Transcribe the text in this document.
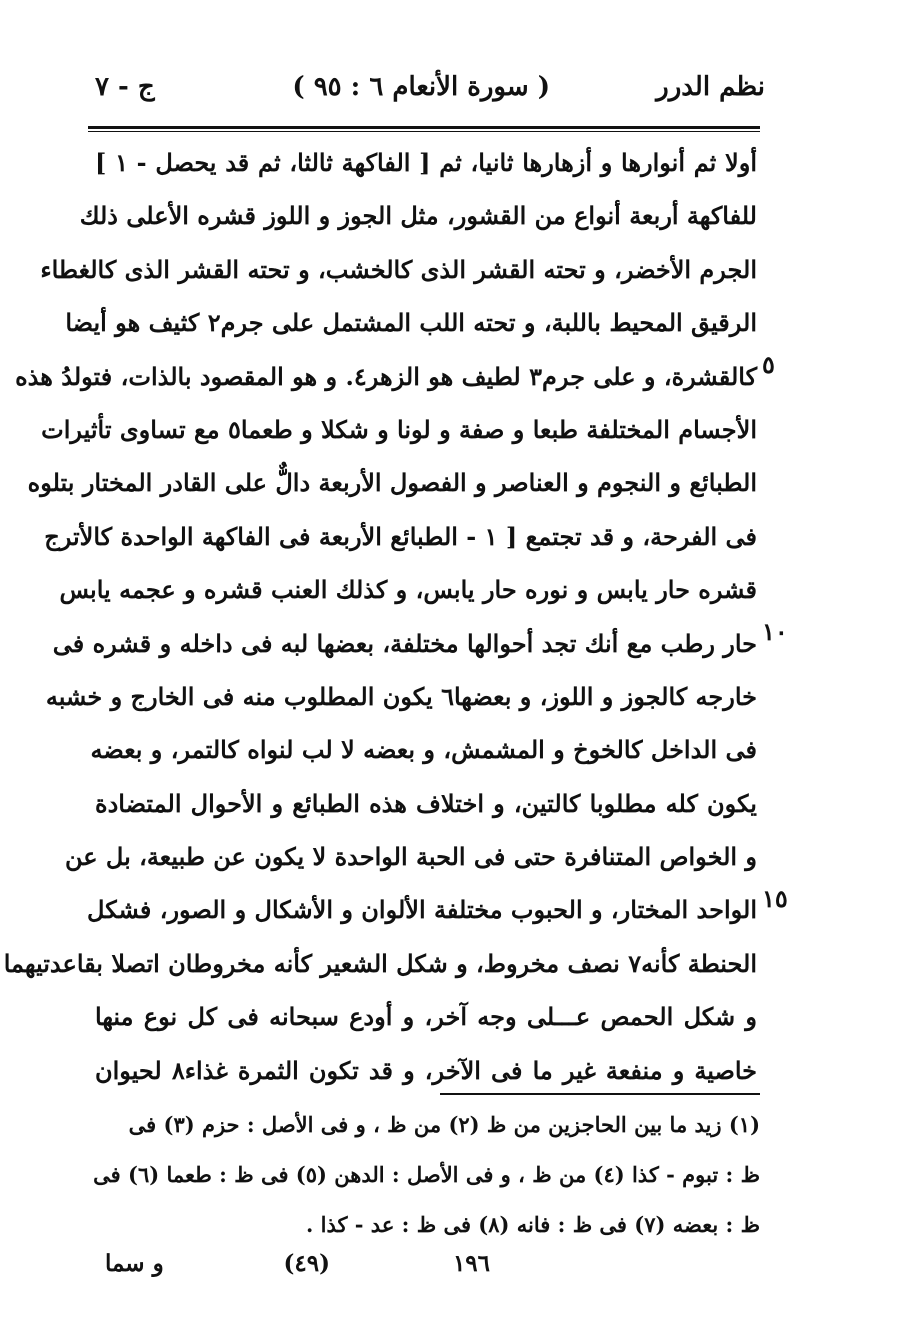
نظم الدرر
( سورة الأنعام ٦ : ٩٥ )
ج - ٧
أولا ثم أنوارها و أزهارها ثانيا، ثم [ الفاكهة ثالثا، ثم قد يحصل - ١ ]
للفاكهة أربعة أنواع من القشور، مثل الجوز و اللوز قشره الأعلى ذلك
الجرم الأخضر، و تحته القشر الذى كالخشب، و تحته القشر الذى كالغطاء
الرقيق المحيط باللبة، و تحته اللب المشتمل على جرم٢ كثيف هو أيضا
كالقشرة، و على جرم٣ لطيف هو الزهر٤. و هو المقصود بالذات، فتولدُ هذه
الأجسام المختلفة طبعا و صفة و لونا و شكلا و طعما٥ مع تساوى تأثيرات
الطبائع و النجوم و العناصر و الفصول الأربعة دالٌّ على القادر المختار بتلوه
فى الفرحة، و قد تجتمع [ ١ - الطبائع الأربعة فى الفاكهة الواحدة كالأترج
قشره حار يابس و نوره حار يابس، و كذلك العنب قشره و عجمه يابس
حار رطب مع أنك تجد أحوالها مختلفة، بعضها لبه فى داخله و قشره فى
خارجه كالجوز و اللوز، و بعضها٦ يكون المطلوب منه فى الخارج و خشبه
فى الداخل كالخوخ و المشمش، و بعضه لا لب لنواه كالتمر، و بعضه
يكون كله مطلوبا كالتين، و اختلاف هذه الطبائع و الأحوال المتضادة
و الخواص المتنافرة حتى فى الحبة الواحدة لا يكون عن طبيعة، بل عن
الواحد المختار، و الحبوب مختلفة الألوان و الأشكال و الصور، فشكل
الحنطة كأنه٧ نصف مخروط، و شكل الشعير كأنه مخروطان اتصلا بقاعدتيهما
و شكل الحمص عـــلى وجه آخر، و أودع سبحانه فى كل نوع منها
خاصية و منفعة غير ما فى الآخر، و قد تكون الثمرة غذاء٨ لحيوان
٥
١٠
١٥
(١) زيد ما بين الحاجزين من ظ (٢) من ظ ، و فى الأصل : حزم (٣) فى
ظ : تبوم - كذا (٤) من ظ ، و فى الأصل : الدهن (٥) فى ظ : طعما (٦) فى
ظ : بعضه (٧) فى ظ : فانه (٨) فى ظ : عد - كذا .
١٩٦
(٤٩)
و سما
